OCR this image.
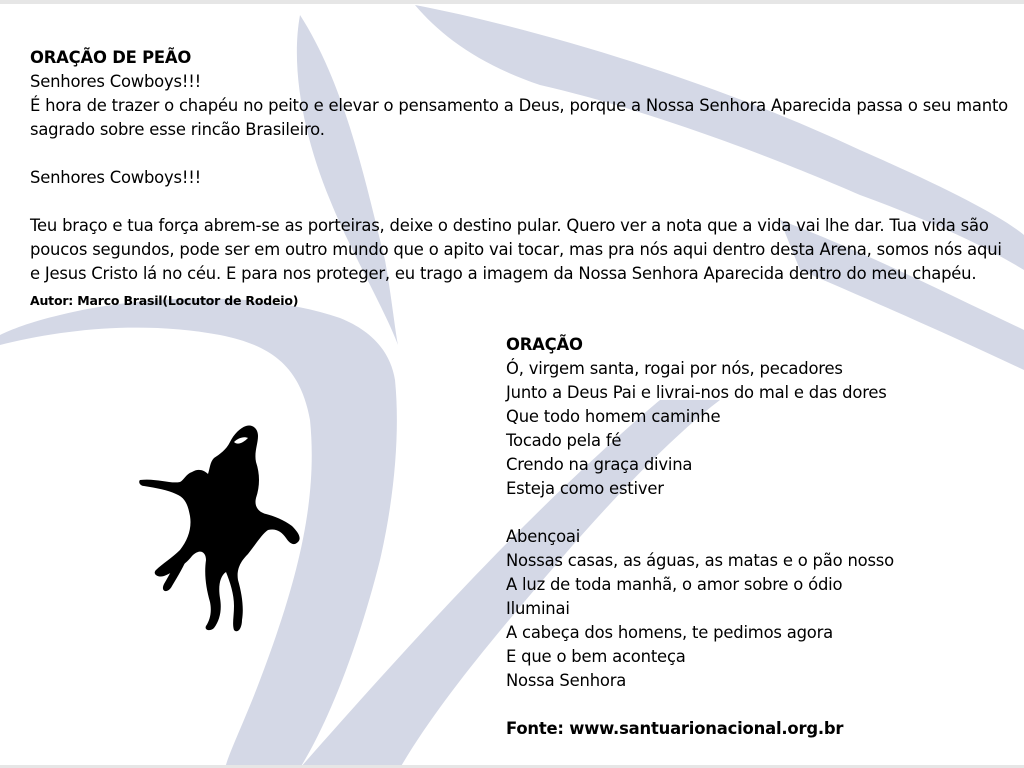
ORAÇÃO DE PEÃO

Senhores Cowboys!!!

É hora de trazer o chapéu no peito e elevar o pensamento a Deus, porque a Nossa Senhora Aparecida passa o seu manto sagrado sobre esse rincão Brasileiro.

Senhores Cowboys!!!

Teu braço e tua força abrem-se as porteiras, deixe o destino pular. Quero ver a nota que a vida vai lhe dar. Tua vida são poucos segundos, pode ser em outro mundo que o apito vai tocar, mas pra nós aqui dentro desta Arena, somos nós aqui e Jesus Cristo lá no céu. E para nos proteger, eu trago a imagem da Nossa Senhora Aparecida dentro do meu chapéu.

Autor: Marco Brasil(Locutor de Rodeio)

ORAÇÃO

Ó, virgem santa, rogai por nós, pecadores

Junto a Deus Pai e livrai-nos do mal e das dores

Que todo homem caminhe

Tocado pela fé

Crendo na graça divina

Esteja como estiver

Abençoai

Nossas casas, as águas, as matas e o pão nosso

A luz de toda manhã, o amor sobre o ódio

Iluminai

A cabeça dos homens, te pedimos agora

E que o bem aconteça

Nossa Senhora

Fonte: www.santuarionacional.org.br
